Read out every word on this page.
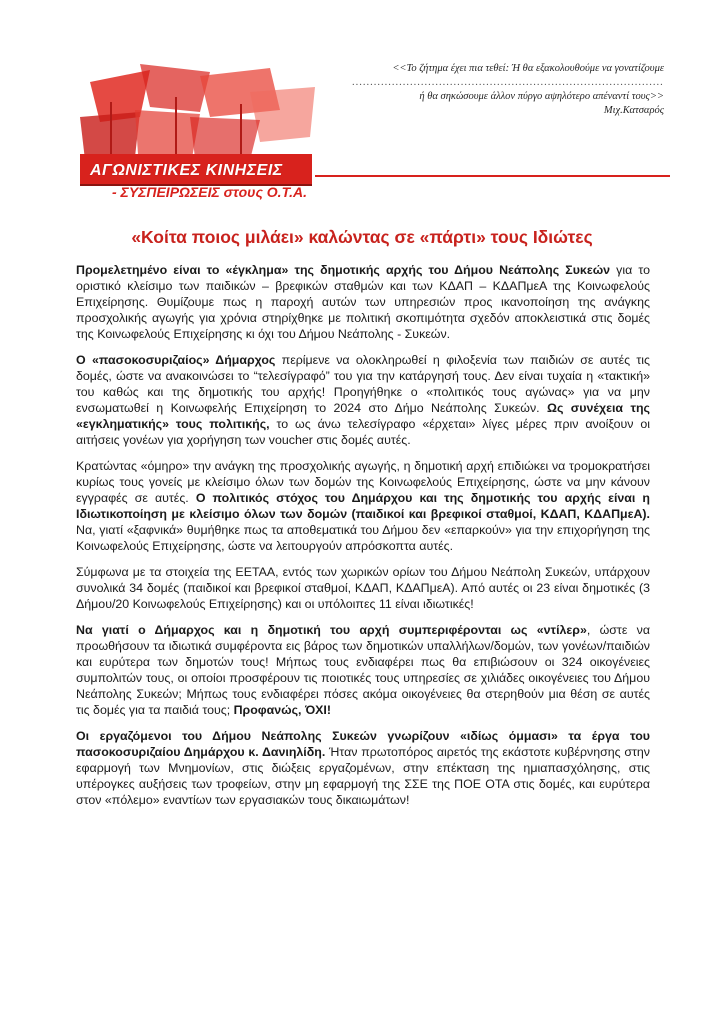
ΑΓΩΝΙΣΤΙΚΕΣ ΚΙΝΗΣΕΙΣ
- ΣΥΣΠΕΙΡΩΣΕΙΣ στους Ο.Τ.Α.
<<Το ζήτημα έχει πια τεθεί: Ή θα εξακολουθούμε να γονατίζουμε
......................................................................................
ή θα σηκώσουμε άλλον πύργο αψηλότερο απέναντί τους>>
Μιχ.Κατσαρός
«Κοίτα ποιος μιλάει» καλώντας σε «πάρτι» τους Ιδιώτες

Προμελετημένο είναι το «έγκλημα» της δημοτικής αρχής του Δήμου Νεάπολης Συκεών για το οριστικό κλείσιμο των παιδικών – βρεφικών σταθμών και των ΚΔΑΠ – ΚΔΑΠμεΑ της Κοινωφελούς Επιχείρησης. Θυμίζουμε πως η παροχή αυτών των υπηρεσιών προς ικανοποίηση της ανάγκης προσχολικής αγωγής για χρόνια στηρίχθηκε με πολιτική σκοπιμότητα σχεδόν αποκλειστικά στις δομές της Κοινωφελούς Επιχείρησης κι όχι του Δήμου Νεάπολης - Συκεών.

Ο «πασοκοσυριζαίος» Δήμαρχος περίμενε να ολοκληρωθεί η φιλοξενία των παιδιών σε αυτές τις δομές, ώστε να ανακοινώσει το “τελεσίγραφό” του για την κατάργησή τους. Δεν είναι τυχαία η «τακτική» του καθώς και της δημοτικής του αρχής! Προηγήθηκε ο «πολιτικός τους αγώνας» για να μην ενσωματωθεί η Κοινωφελής Επιχείρηση το 2024 στο Δήμο Νεάπολης Συκεών. Ως συνέχεια της «εγκληματικής» τους πολιτικής, το ως άνω τελεσίγραφο «έρχεται» λίγες μέρες πριν ανοίξουν οι αιτήσεις γονέων για χορήγηση των voucher στις δομές αυτές.

Κρατώντας «όμηρο» την ανάγκη της προσχολικής αγωγής, η δημοτική αρχή επιδιώκει να τρομοκρατήσει κυρίως τους γονείς με κλείσιμο όλων των δομών της Κοινωφελούς Επιχείρησης, ώστε να μην κάνουν εγγραφές σε αυτές. Ο πολιτικός στόχος του Δημάρχου και της δημοτικής του αρχής είναι η Ιδιωτικοποίηση με κλείσιμο όλων των δομών (παιδικοί και βρεφικοί σταθμοί, ΚΔΑΠ, ΚΔΑΠμεΑ). Να, γιατί «ξαφνικά» θυμήθηκε πως τα αποθεματικά του Δήμου δεν «επαρκούν» για την επιχορήγηση της Κοινωφελούς Επιχείρησης, ώστε να λειτουργούν απρόσκοπτα αυτές.

Σύμφωνα με τα στοιχεία της ΕΕΤΑΑ, εντός των χωρικών ορίων του Δήμου Νεάπολη Συκεών, υπάρχουν συνολικά 34 δομές (παιδικοί και βρεφικοί σταθμοί, ΚΔΑΠ, ΚΔΑΠμεΑ). Από αυτές οι 23 είναι δημοτικές (3 Δήμου/20 Κοινωφελούς Επιχείρησης) και οι υπόλοιπες 11 είναι ιδιωτικές!

Να γιατί ο Δήμαρχος και η δημοτική του αρχή συμπεριφέρονται ως «ντίλερ», ώστε να προωθήσουν τα ιδιωτικά συμφέροντα εις βάρος των δημοτικών υπαλλήλων/δομών, των γονέων/παιδιών και ευρύτερα των δημοτών τους! Μήπως τους ενδιαφέρει πως θα επιβιώσουν οι 324 οικογένειες συμπολιτών τους, οι οποίοι προσφέρουν τις ποιοτικές τους υπηρεσίες σε χιλιάδες οικογένειες του Δήμου Νεάπολης Συκεών; Μήπως τους ενδιαφέρει πόσες ακόμα οικογένειες θα στερηθούν μια θέση σε αυτές τις δομές για τα παιδιά τους; Προφανώς, ΌΧΙ!

Οι εργαζόμενοι του Δήμου Νεάπολης Συκεών γνωρίζουν «ιδίως όμμασι» τα έργα του πασοκοσυριζαίου Δημάρχου κ. Δανιηλίδη. Ήταν πρωτοπόρος αιρετός της εκάστοτε κυβέρνησης στην εφαρμογή των Μνημονίων, στις διώξεις εργαζομένων, στην επέκταση της ημιαπασχόλησης, στις υπέρογκες αυξήσεις των τροφείων, στην μη εφαρμογή της ΣΣΕ της ΠΟΕ ΟΤΑ στις δομές, και ευρύτερα στον «πόλεμο» εναντίων των εργασιακών τους δικαιωμάτων!
